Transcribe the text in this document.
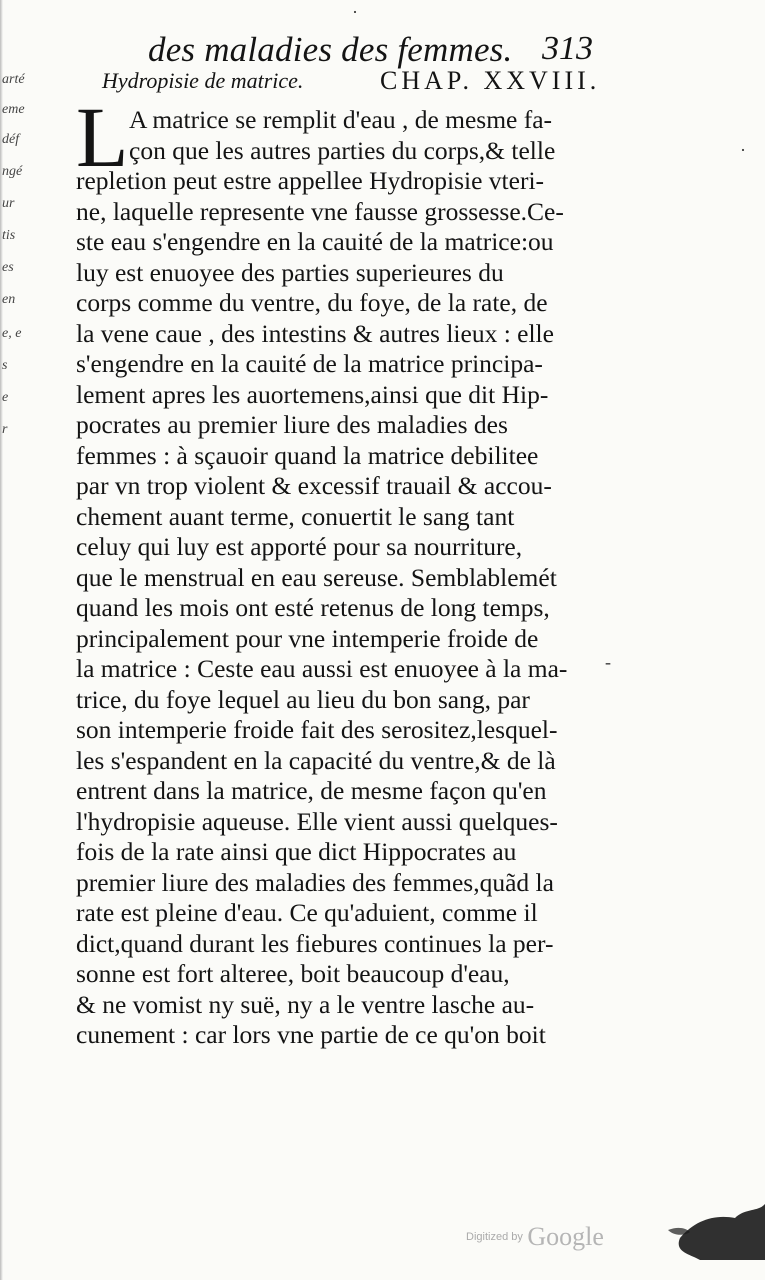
arté
eme
déf
ngé
ur
tis
es
en
e, e
s
e
r
des maladies des femmes. 313
Hydropisie de matrice.	CHAP. XXVIII.
L A matrice se remplit d'eau , de mesme fa-
çon que les autres parties du corps,& telle
repletion peut estre appellee Hydropisie vteri-
ne, laquelle represente vne fausse grossesse.Ce-
ste eau s'engendre en la cauité de la matrice:ou
luy est enuoyee des parties superieures du
corps comme du ventre, du foye, de la rate, de
la vene caue , des intestins & autres lieux : elle
s'engendre en la cauité de la matrice principa-
lement apres les auortemens,ainsi que dit Hip-
pocrates au premier liure des maladies des
femmes : à sçauoir quand la matrice debilitee
par vn trop violent & excessif trauail & accou-
chement auant terme, conuertit le sang tant
celuy qui luy est apporté pour sa nourriture,
que le menstrual en eau sereuse. Semblablemét
quand les mois ont esté retenus de long temps,
principalement pour vne intemperie froide de
la matrice : Ceste eau aussi est enuoyee à la ma-
trice, du foye lequel au lieu du bon sang, par
son intemperie froide fait des serositez,lesquel-
les s'espandent en la capacité du ventre,& de là
entrent dans la matrice, de mesme façon qu'en
l'hydropisie aqueuse. Elle vient aussi quelques-
fois de la rate ainsi que dict Hippocrates au
premier liure des maladies des femmes,quãd la
rate est pleine d'eau. Ce qu'aduient, comme il
dict,quand durant les fiebures continues la per-
sonne est fort alteree, boit beaucoup d'eau,
& ne vomist ny suë, ny a le ventre lasche au-
cunement : car lors vne partie de ce qu'on boit
·
·
-
Digitized by Google
